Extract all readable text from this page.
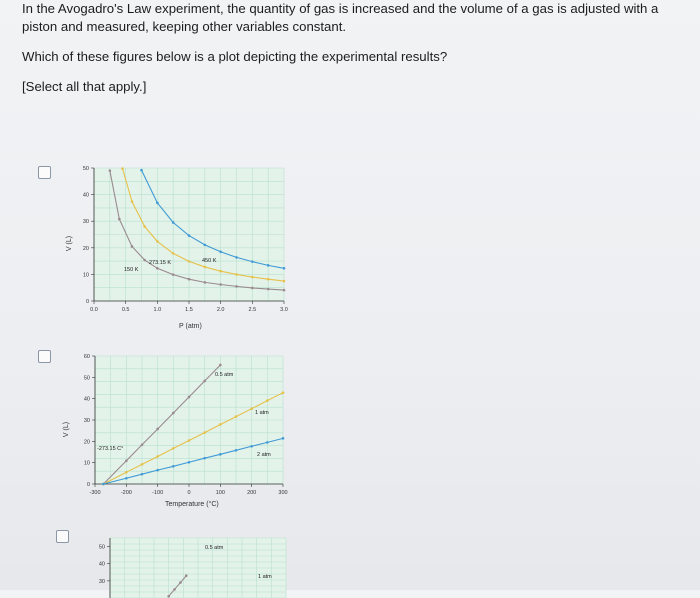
In the Avogadro's Law experiment, the quantity of gas is increased and the volume of a gas is adjusted with a piston and measured, keeping other variables constant.

Which of these figures below is a plot depicting the experimental results?

[Select all that apply.]

0
10
20
30
40
50
0.0	0.5	1.0	1.5	2.0	2.5	3.0
150 K
273.15 K	450 K
P (atm)
V (L)
0
10
20
30
40
50
60
-300	-200	-100	0	100	200	300
0.5 atm
1 atm
2 atm
-273.15 C°
Temperature (°C)
V (L)
50
40
30
0.5 atm
1 atm
